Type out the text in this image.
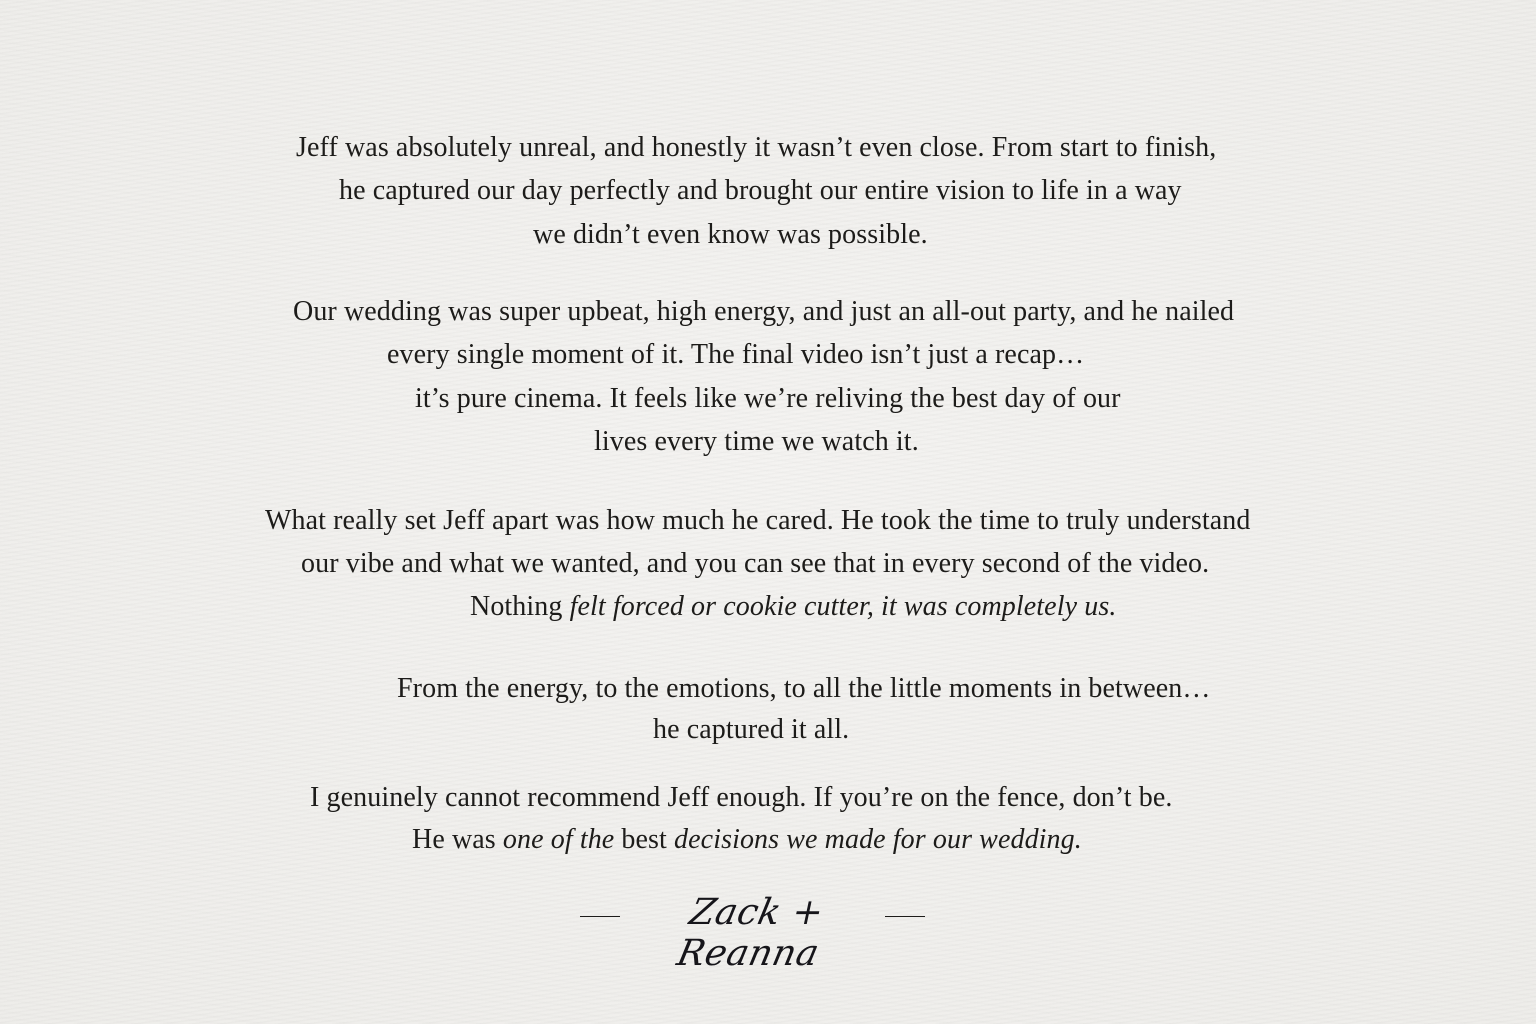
Jeff was absolutely unreal, and honestly it wasn’t even close. From start to finish,
he captured our day perfectly and brought our entire vision to life in a way
we didn’t even know was possible.
Our wedding was super upbeat, high energy, and just an all-out party, and he nailed
every single moment of it. The final video isn’t just a recap…
it’s pure cinema. It feels like we’re reliving the best day of our
lives every time we watch it.
What really set Jeff apart was how much he cared. He took the time to truly understand
our vibe and what we wanted, and you can see that in every second of the video.
Nothing felt forced or cookie cutter, it was completely us.
From the energy, to the emotions, to all the little moments in between…
he captured it all.
I genuinely cannot recommend Jeff enough. If you’re on the fence, don’t be.
He was one of the best decisions we made for our wedding.
Zack + Reanna
